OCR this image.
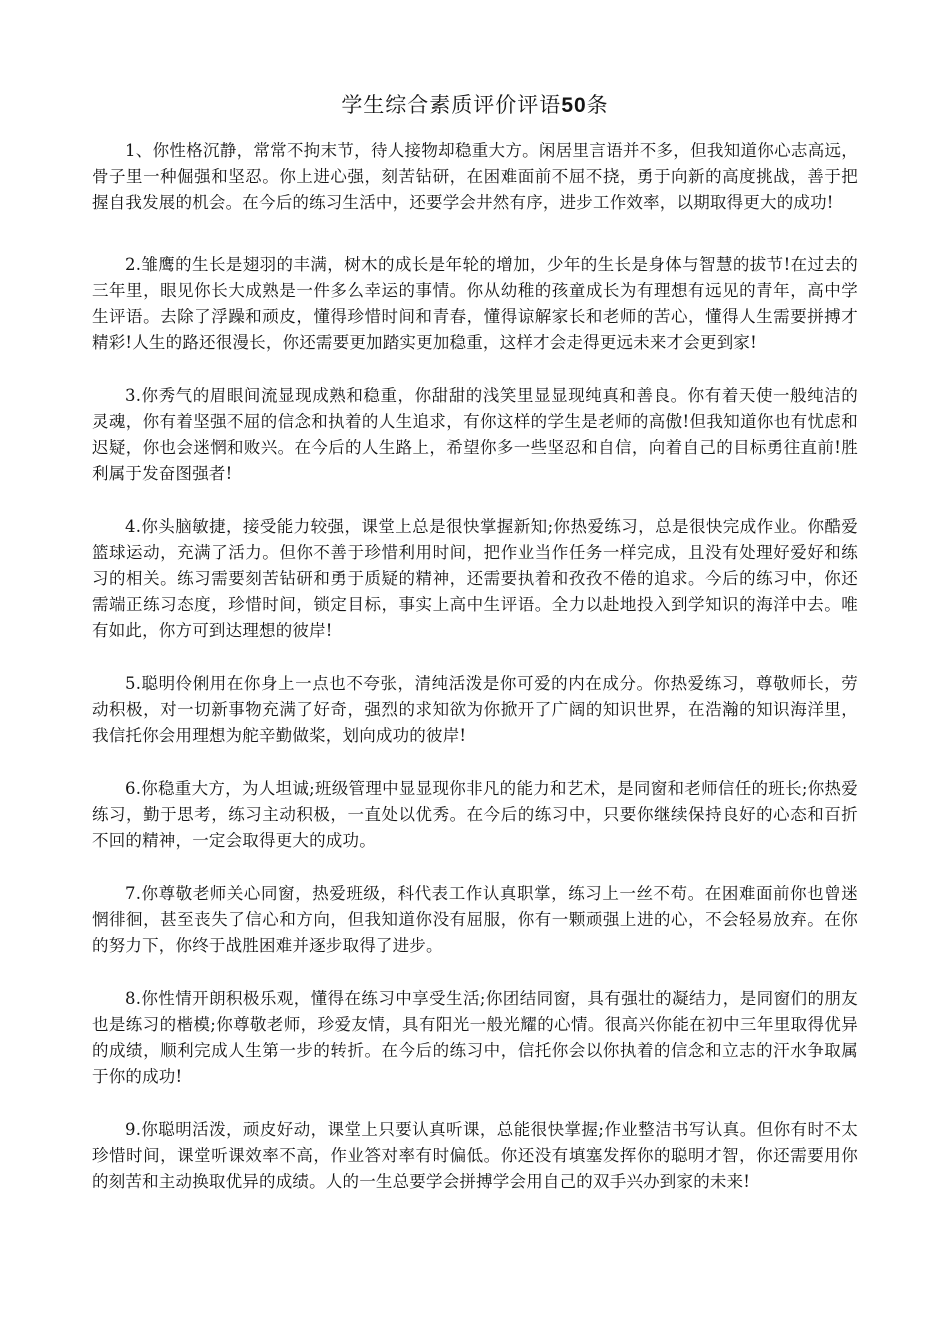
学生综合素质评价评语50条

1、你性格沉静，常常不拘末节，待人接物却稳重大方。闲居里言语并不多，但我知道你心志高远，骨子里一种倔强和坚忍。你上进心强，刻苦钻研，在困难面前不屈不挠，勇于向新的高度挑战，善于把握自我发展的机会。在今后的练习生活中，还要学会井然有序，进步工作效率，以期取得更大的成功!

2.雏鹰的生长是翅羽的丰满，树木的成长是年轮的增加，少年的生长是身体与智慧的拔节!在过去的三年里，眼见你长大成熟是一件多么幸运的事情。你从幼稚的孩童成长为有理想有远见的青年，高中学生评语。去除了浮躁和顽皮，懂得珍惜时间和青春，懂得谅解家长和老师的苦心，懂得人生需要拼搏才精彩!人生的路还很漫长，你还需要更加踏实更加稳重，这样才会走得更远未来才会更到家!

3.你秀气的眉眼间流显现成熟和稳重，你甜甜的浅笑里显显现纯真和善良。你有着天使一般纯洁的灵魂，你有着坚强不屈的信念和执着的人生追求，有你这样的学生是老师的高傲!但我知道你也有忧虑和迟疑，你也会迷惘和败兴。在今后的人生路上，希望你多一些坚忍和自信，向着自己的目标勇往直前!胜利属于发奋图强者!

4.你头脑敏捷，接受能力较强，课堂上总是很快掌握新知;你热爱练习，总是很快完成作业。你酷爱篮球运动，充满了活力。但你不善于珍惜利用时间，把作业当作任务一样完成，且没有处理好爱好和练习的相关。练习需要刻苦钻研和勇于质疑的精神，还需要执着和孜孜不倦的追求。今后的练习中，你还需端正练习态度，珍惜时间，锁定目标，事实上高中生评语。全力以赴地投入到学知识的海洋中去。唯有如此，你方可到达理想的彼岸!

5.聪明伶俐用在你身上一点也不夸张，清纯活泼是你可爱的内在成分。你热爱练习，尊敬师长，劳动积极，对一切新事物充满了好奇，强烈的求知欲为你掀开了广阔的知识世界，在浩瀚的知识海洋里，我信托你会用理想为舵辛勤做桨，划向成功的彼岸!

6.你稳重大方，为人坦诚;班级管理中显显现你非凡的能力和艺术，是同窗和老师信任的班长;你热爱练习，勤于思考，练习主动积极，一直处以优秀。在今后的练习中，只要你继续保持良好的心态和百折不回的精神，一定会取得更大的成功。

7.你尊敬老师关心同窗，热爱班级，科代表工作认真职掌，练习上一丝不苟。在困难面前你也曾迷惘徘徊，甚至丧失了信心和方向，但我知道你没有屈服，你有一颗顽强上进的心，不会轻易放弃。在你的努力下，你终于战胜困难并逐步取得了进步。

8.你性情开朗积极乐观，懂得在练习中享受生活;你团结同窗，具有强壮的凝结力，是同窗们的朋友也是练习的楷模;你尊敬老师，珍爱友情，具有阳光一般光耀的心情。很高兴你能在初中三年里取得优异的成绩，顺利完成人生第一步的转折。在今后的练习中，信托你会以你执着的信念和立志的汗水争取属于你的成功!

9.你聪明活泼，顽皮好动，课堂上只要认真听课，总能很快掌握;作业整洁书写认真。但你有时不太珍惜时间，课堂听课效率不高，作业答对率有时偏低。你还没有填塞发挥你的聪明才智，你还需要用你的刻苦和主动换取优异的成绩。人的一生总要学会拼搏学会用自己的双手兴办到家的未来!
